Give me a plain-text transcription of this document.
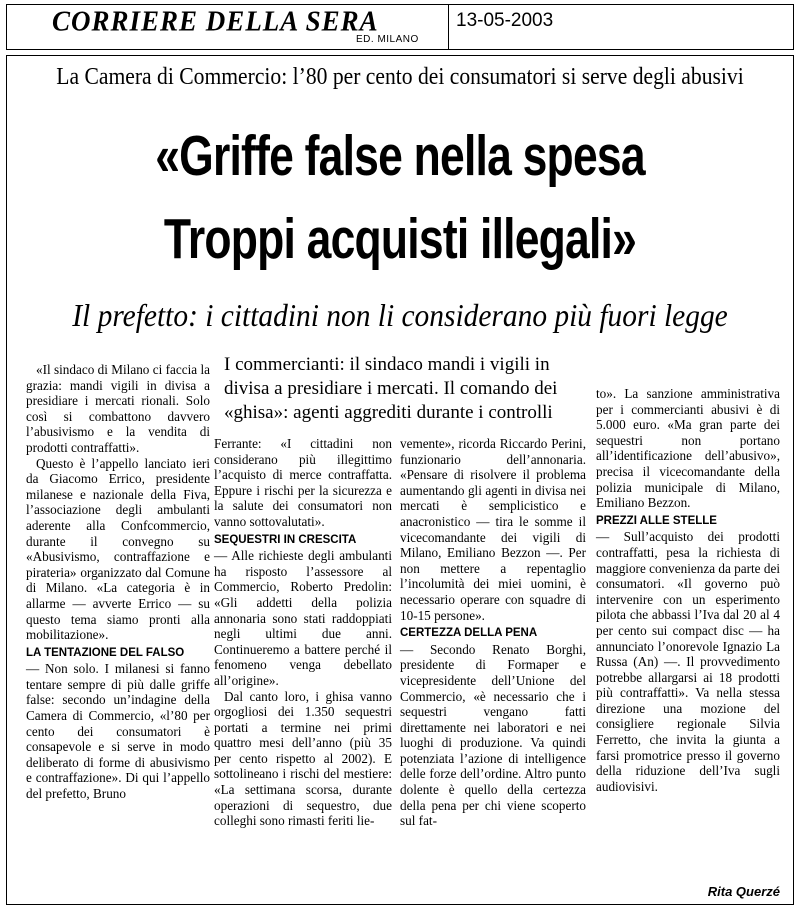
CORRIERE DELLA SERA
ED. MILANO
13-05-2003
La Camera di Commercio: l’80 per cento dei consumatori si serve degli abusivi
«Griffe false nella spesa
Troppi acquisti illegali»
Il prefetto: i cittadini non li considerano più fuori legge
I commercianti: il sindaco mandi i vigili in divisa a presidiare i mercati. Il comando dei «ghisa»: agenti aggrediti durante i controlli

«Il sindaco di Milano ci faccia la grazia: mandi vigili in divisa a presidiare i mercati rionali. Solo così si combattono davvero l’abusivismo e la vendita di prodotti contraffatti».

Questo è l’appello lanciato ieri da Giacomo Errico, presidente milanese e nazionale della Fiva, l’associazione degli ambulanti aderente alla Confcommercio, durante il convegno su «Abusivismo, contraffazione e pirateria» organizzato dal Comune di Milano. «La categoria è in allarme — avverte Errico — su questo tema siamo pronti alla mobilitazione».

LA TENTAZIONE DEL FALSO

— Non solo. I milanesi si fanno tentare sempre di più dalle griffe false: secondo un’indagine della Camera di Commercio, «l’80 per cento dei consumatori è consapevole e si serve in modo deliberato di forme di abusivismo e contraffazione». Di qui l’appello del prefetto, Bruno

Ferrante: «I cittadini non considerano più illegittimo l’acquisto di merce contraffatta. Eppure i rischi per la sicurezza e la salute dei consumatori non vanno sottovalutati».

SEQUESTRI IN CRESCITA

— Alle richieste degli ambulanti ha risposto l’assessore al Commercio, Roberto Predolin: «Gli addetti della polizia annonaria sono stati raddoppiati negli ultimi due anni. Continueremo a battere perché il fenomeno venga debellato all’origine».

Dal canto loro, i ghisa vanno orgogliosi dei 1.350 sequestri portati a termine nei primi quattro mesi dell’anno (più 35 per cento rispetto al 2002). E sottolineano i rischi del mestiere: «La settimana scorsa, durante operazioni di sequestro, due colleghi sono rimasti feriti lie-

vemente», ricorda Riccardo Perini, funzionario dell’annonaria. «Pensare di risolvere il problema aumentando gli agenti in divisa nei mercati è semplicistico e anacronistico — tira le somme il vicecomandante dei vigili di Milano, Emiliano Bezzon —. Per non mettere a repentaglio l’incolumità dei miei uomini, è necessario operare con squadre di 10-15 persone».

CERTEZZA DELLA PENA

— Secondo Renato Borghi, presidente di Formaper e vicepresidente dell’Unione del Commercio, «è necessario che i sequestri vengano fatti direttamente nei laboratori e nei luoghi di produzione. Va quindi potenziata l’azione di intelligence delle forze dell’ordine. Altro punto dolente è quello della certezza della pena per chi viene scoperto sul fat-

to». La sanzione amministrativa per i commercianti abusivi è di 5.000 euro. «Ma gran parte dei sequestri non portano all’identificazione dell’abusivo», precisa il vicecomandante della polizia municipale di Milano, Emiliano Bezzon.

PREZZI ALLE STELLE

— Sull’acquisto dei prodotti contraffatti, pesa la richiesta di maggiore convenienza da parte dei consumatori. «Il governo può intervenire con un esperimento pilota che abbassi l’Iva dal 20 al 4 per cento sui compact disc — ha annunciato l’onorevole Ignazio La Russa (An) —. Il provvedimento potrebbe allargarsi ai 18 prodotti più contraffatti». Va nella stessa direzione una mozione del consigliere regionale Silvia Ferretto, che invita la giunta a farsi promotrice presso il governo della riduzione dell’Iva sugli audiovisivi.

Rita Querzé
